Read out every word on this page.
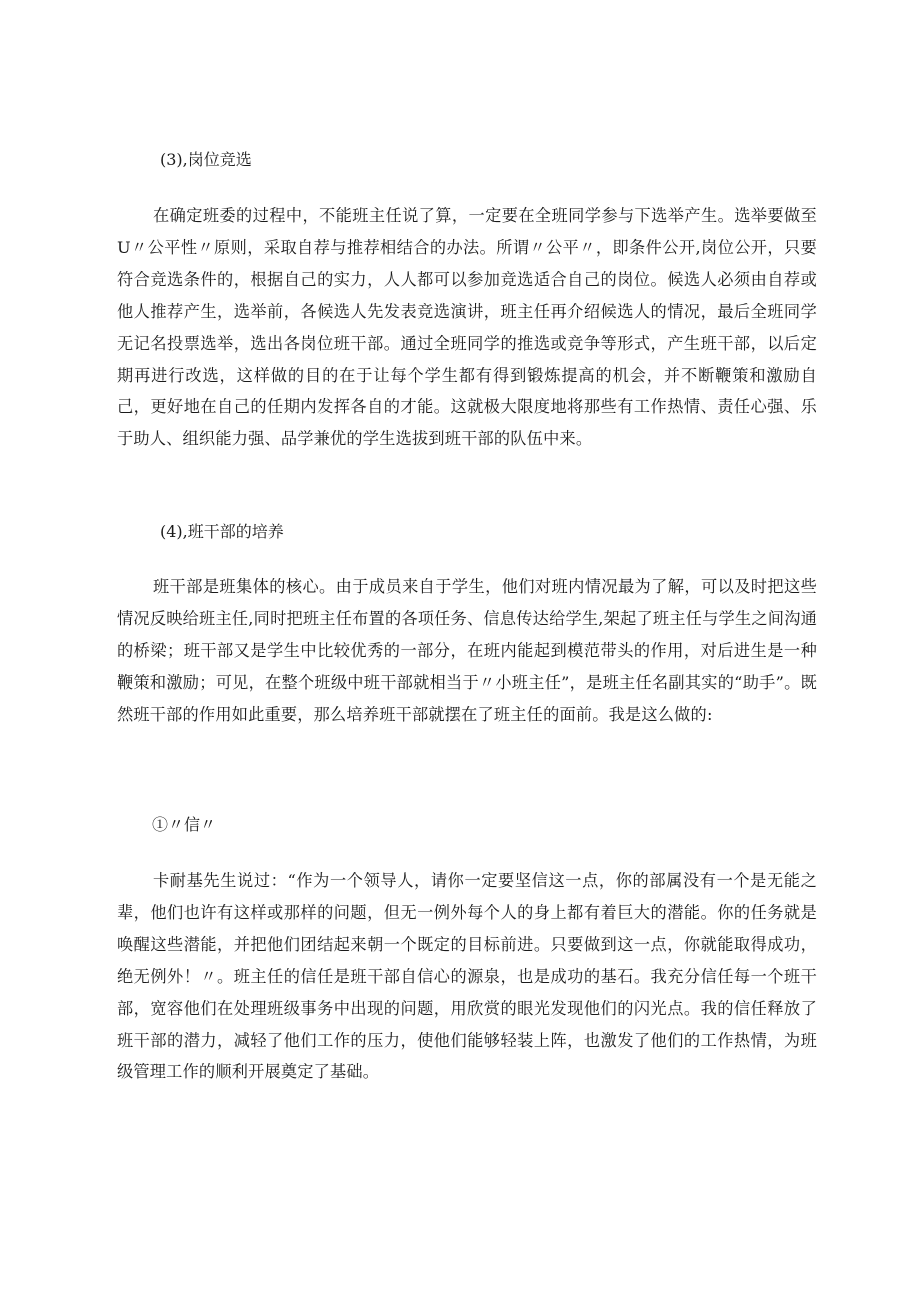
(3),岗位竞选

在确定班委的过程中，不能班主任说了算，一定要在全班同学参与下选举产生。选举要做至U〃公平性〃原则，采取自荐与推荐相结合的办法。所谓〃公平〃，即条件公开,岗位公开，只要符合竞选条件的，根据自己的实力，人人都可以参加竞选适合自己的岗位。候选人必须由自荐或他人推荐产生，选举前，各候选人先发表竞选演讲，班主任再介绍候选人的情况，最后全班同学无记名投票选举，选出各岗位班干部。通过全班同学的推选或竞争等形式，产生班干部，以后定期再进行改选，这样做的目的在于让每个学生都有得到锻炼提高的机会，并不断鞭策和激励自己，更好地在自己的任期内发挥各自的才能。这就极大限度地将那些有工作热情、责任心强、乐于助人、组织能力强、品学兼优的学生选拔到班干部的队伍中来。

(4),班干部的培养

班干部是班集体的核心。由于成员来自于学生，他们对班内情况最为了解，可以及时把这些情况反映给班主任,同时把班主任布置的各项任务、信息传达给学生,架起了班主任与学生之间沟通的桥梁；班干部又是学生中比较优秀的一部分，在班内能起到模范带头的作用，对后进生是一种鞭策和激励；可见，在整个班级中班干部就相当于〃小班主任”，是班主任名副其实的“助手”。既然班干部的作用如此重要，那么培养班干部就摆在了班主任的面前。我是这么做的:

①〃信〃

卡耐基先生说过：“作为一个领导人，请你一定要坚信这一点，你的部属没有一个是无能之辈，他们也许有这样或那样的问题，但无一例外每个人的身上都有着巨大的潜能。你的任务就是唤醒这些潜能，并把他们团结起来朝一个既定的目标前进。只要做到这一点，你就能取得成功，绝无例外！〃。班主任的信任是班干部自信心的源泉，也是成功的基石。我充分信任每一个班干部，宽容他们在处理班级事务中出现的问题，用欣赏的眼光发现他们的闪光点。我的信任释放了班干部的潜力，减轻了他们工作的压力，使他们能够轻装上阵，也激发了他们的工作热情，为班级管理工作的顺利开展奠定了基础。
